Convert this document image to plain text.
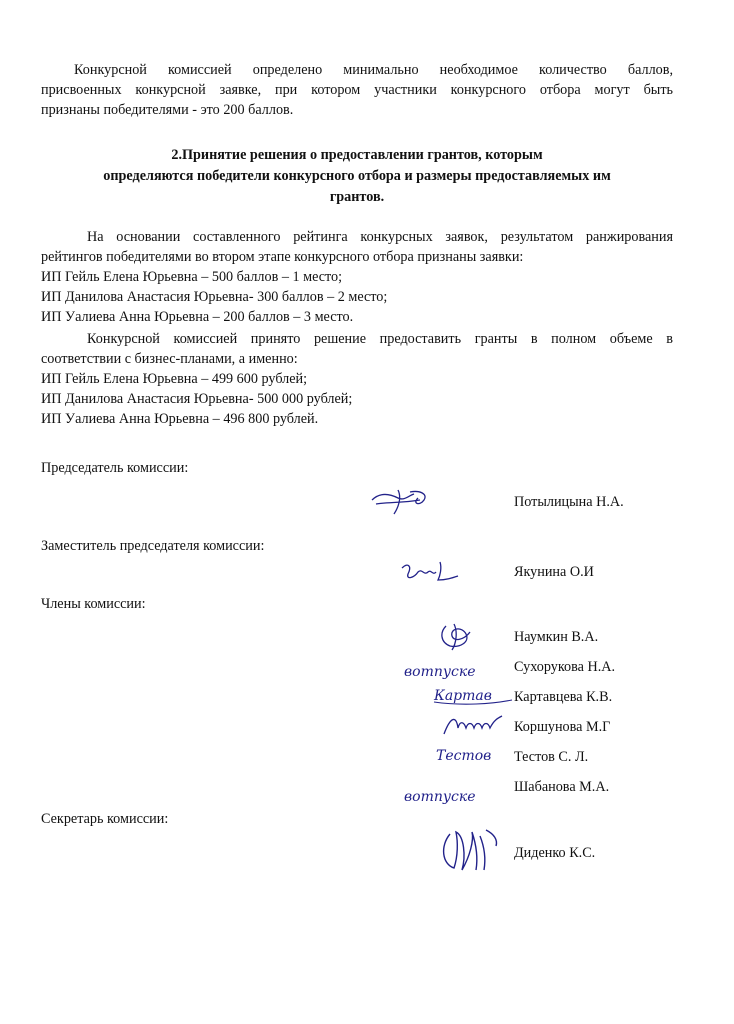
Конкурсной комиссией определено минимально необходимое количество баллов,
присвоенных конкурсной заявке, при котором участники конкурсного отбора могут быть
признаны победителями - это 200 баллов.
2.Принятие решения о предоставлении грантов, которым
определяются победители конкурсного отбора и размеры предоставляемых им
грантов.
На основании составленного рейтинга конкурсных заявок, результатом ранжирования
рейтингов победителями во втором этапе конкурсного отбора признаны заявки:
ИП Гейль Елена Юрьевна – 500 баллов – 1 место;
ИП Данилова Анастасия Юрьевна- 300 баллов – 2 место;
ИП Уалиева Анна Юрьевна – 200 баллов – 3 место.
Конкурсной комиссией принято решение предоставить гранты в полном объеме в
соответствии с бизнес-планами, а именно:
ИП Гейль Елена Юрьевна – 499 600 рублей;
ИП Данилова Анастасия Юрьевна- 500 000 рублей;
ИП Уалиева Анна Юрьевна – 496 800 рублей.
Председатель комиссии:
Потылицына Н.А.
Заместитель председателя комиссии:
Якунина О.И
Члены комиссии:
Наумкин В.А.
Сухорукова Н.А.
Картавцева К.В.
Коршунова М.Г
Тестов С. Л.
Шабанова М.А.
Секретарь комиссии:
Диденко К.С.
вотпуске
Картав
Тестов
вотпуске
